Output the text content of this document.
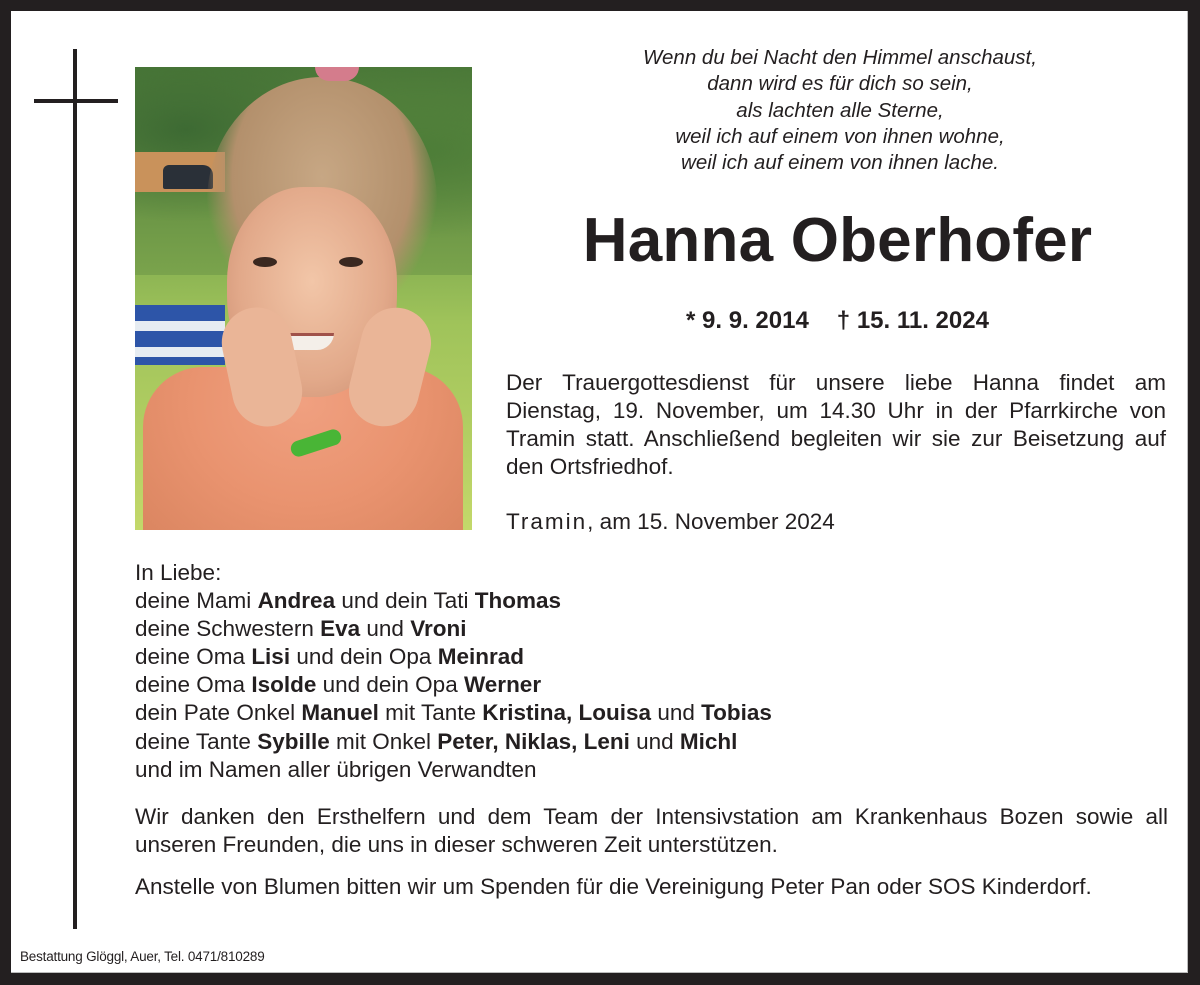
Wenn du bei Nacht den Himmel anschaust,
dann wird es für dich so sein,
als lachten alle Sterne,
weil ich auf einem von ihnen wohne,
weil ich auf einem von ihnen lache.
Hanna Oberhofer
* 9. 9. 2014 † 15. 11. 2024
Der Trauergottesdienst für unsere liebe Hanna findet am Dienstag, 19. November, um 14.30 Uhr in der Pfarrkirche von Tramin statt. Anschließend begleiten wir sie zur Beisetzung auf den Ortsfriedhof.
Tramin, am 15. November 2024
In Liebe:
deine Mami Andrea und dein Tati Thomas
deine Schwestern Eva und Vroni
deine Oma Lisi und dein Opa Meinrad
deine Oma Isolde und dein Opa Werner
dein Pate Onkel Manuel mit Tante Kristina, Louisa und Tobias
deine Tante Sybille mit Onkel Peter, Niklas, Leni und Michl
und im Namen aller übrigen Verwandten
Wir danken den Ersthelfern und dem Team der Intensivstation am Krankenhaus Bozen sowie all unseren Freunden, die uns in dieser schweren Zeit unterstützen.
Anstelle von Blumen bitten wir um Spenden für die Vereinigung Peter Pan oder SOS Kinderdorf.
Bestattung Glöggl, Auer, Tel. 0471/810289
